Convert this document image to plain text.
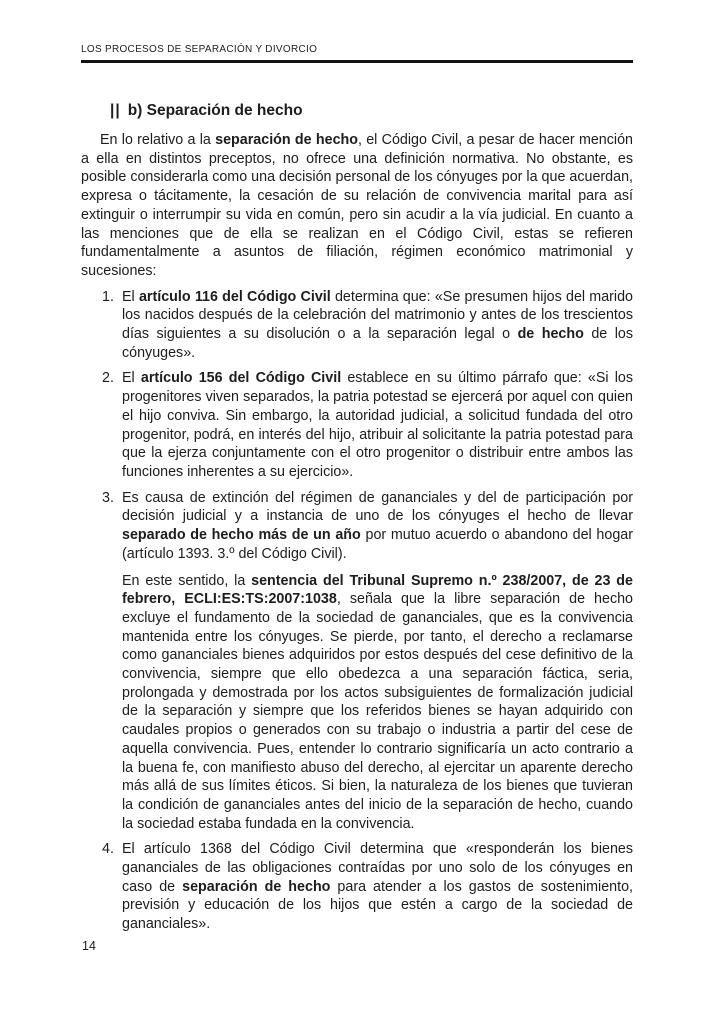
LOS PROCESOS DE SEPARACIÓN Y DIVORCIO
|| b) Separación de hecho

En lo relativo a la separación de hecho, el Código Civil, a pesar de hacer mención a ella en distintos preceptos, no ofrece una definición normativa. No obstante, es posible considerarla como una decisión personal de los cónyuges por la que acuerdan, expresa o tácitamente, la cesación de su relación de convivencia marital para así extinguir o interrumpir su vida en común, pero sin acudir a la vía judicial. En cuanto a las menciones que de ella se realizan en el Código Civil, estas se refieren fundamentalmente a asuntos de filiación, régimen económico matrimonial y sucesiones:

1. El artículo 116 del Código Civil determina que: «Se presumen hijos del marido los nacidos después de la celebración del matrimonio y antes de los trescientos días siguientes a su disolución o a la separación legal o de hecho de los cónyuges».

2. El artículo 156 del Código Civil establece en su último párrafo que: «Si los progenitores viven separados, la patria potestad se ejercerá por aquel con quien el hijo conviva. Sin embargo, la autoridad judicial, a solicitud fundada del otro progenitor, podrá, en interés del hijo, atribuir al solicitante la patria potestad para que la ejerza conjuntamente con el otro progenitor o distribuir entre ambos las funciones inherentes a su ejercicio».

3. Es causa de extinción del régimen de gananciales y del de participación por decisión judicial y a instancia de uno de los cónyuges el hecho de llevar separado de hecho más de un año por mutuo acuerdo o abandono del hogar (artículo 1393. 3.º del Código Civil).

En este sentido, la sentencia del Tribunal Supremo n.º 238/2007, de 23 de febrero, ECLI:ES:TS:2007:1038, señala que la libre separación de hecho excluye el fundamento de la sociedad de gananciales, que es la convivencia mantenida entre los cónyuges. Se pierde, por tanto, el derecho a reclamarse como gananciales bienes adquiridos por estos después del cese definitivo de la convivencia, siempre que ello obedezca a una separación fáctica, seria, prolongada y demostrada por los actos subsiguientes de formalización judicial de la separación y siempre que los referidos bienes se hayan adquirido con caudales propios o generados con su trabajo o industria a partir del cese de aquella convivencia. Pues, entender lo contrario significaría un acto contrario a la buena fe, con manifiesto abuso del derecho, al ejercitar un aparente derecho más allá de sus límites éticos. Si bien, la naturaleza de los bienes que tuvieran la condición de gananciales antes del inicio de la separación de hecho, cuando la sociedad estaba fundada en la convivencia.

4. El artículo 1368 del Código Civil determina que «responderán los bienes gananciales de las obligaciones contraídas por uno solo de los cónyuges en caso de separación de hecho para atender a los gastos de sostenimiento, previsión y educación de los hijos que estén a cargo de la sociedad de gananciales».

14
